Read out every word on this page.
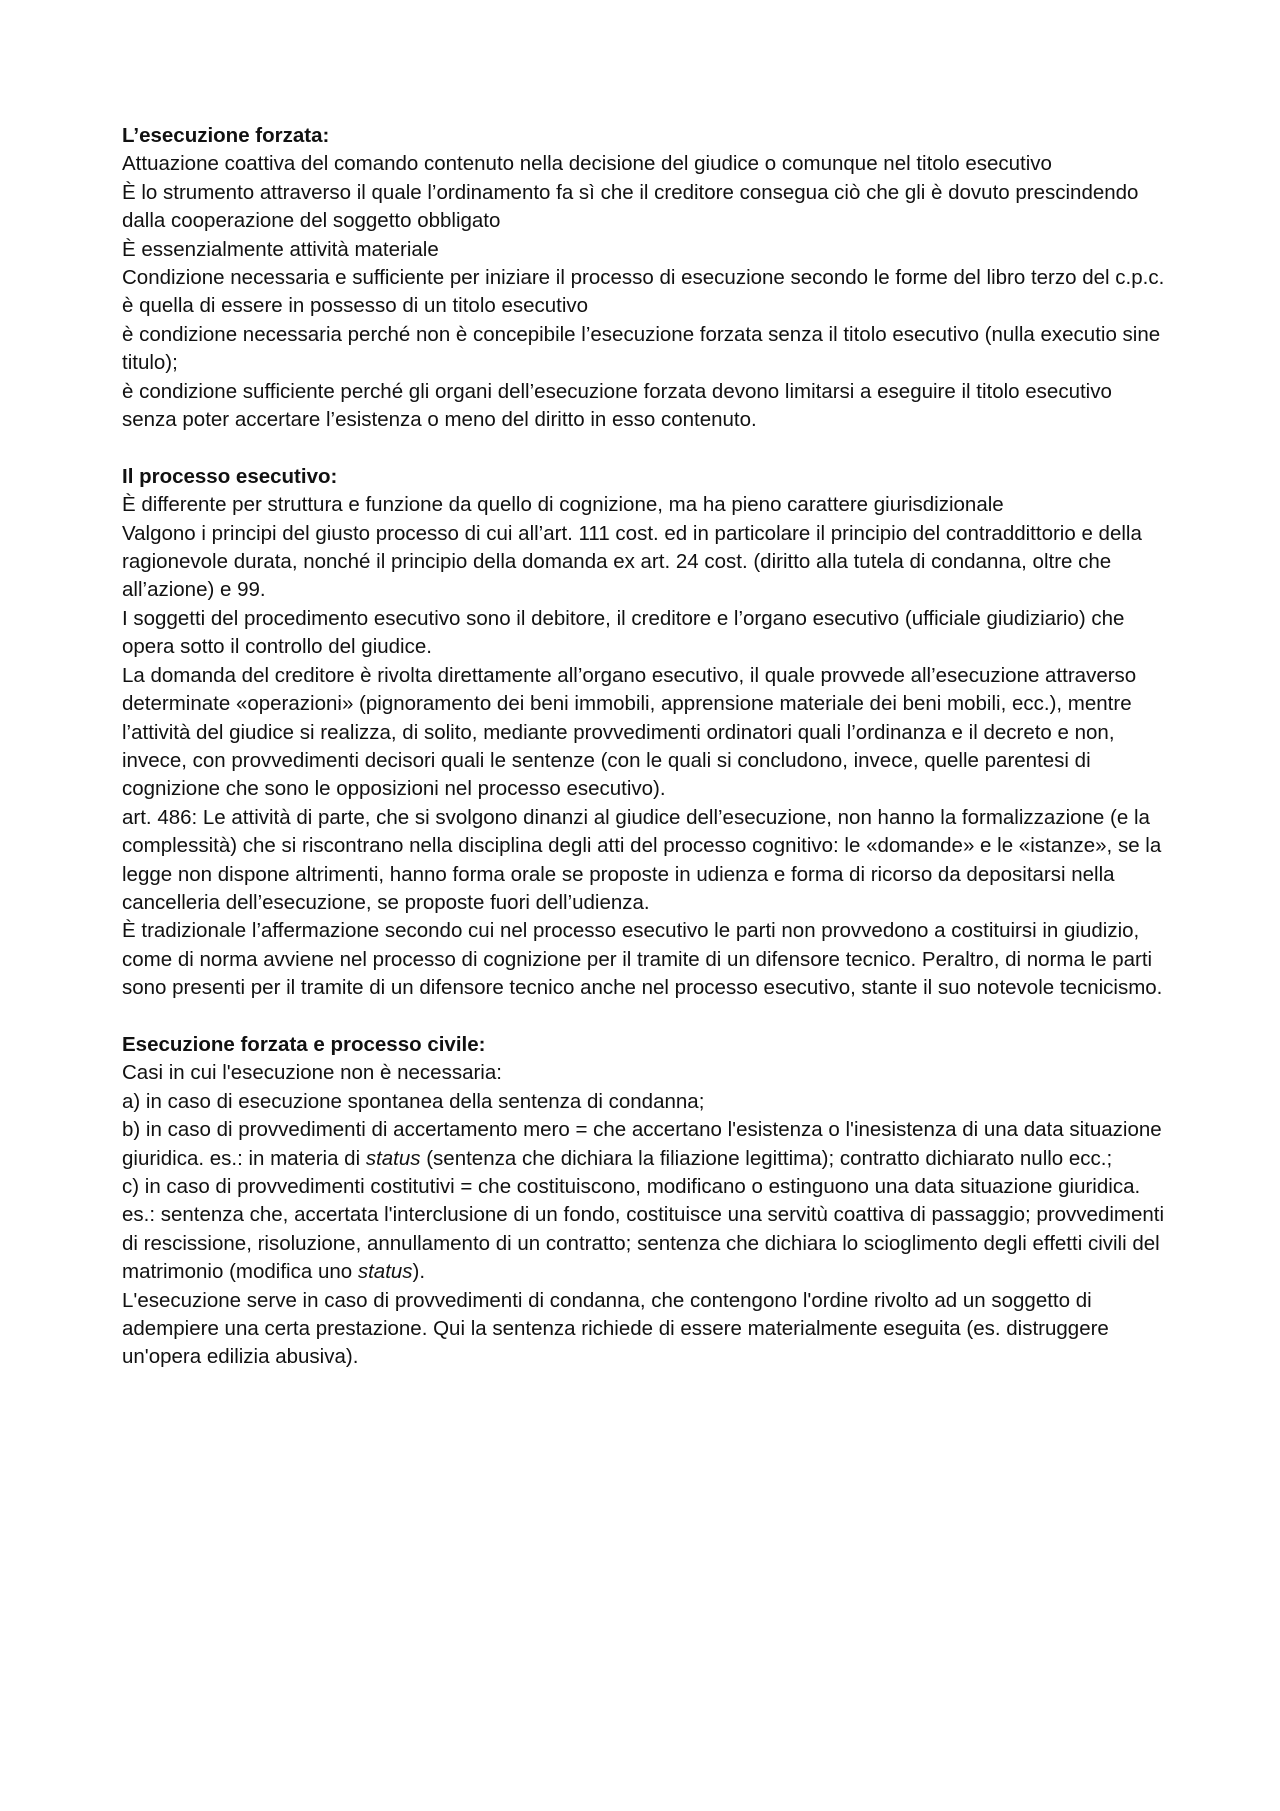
L’esecuzione forzata:
Attuazione coattiva del comando contenuto nella decisione del giudice o comunque nel titolo esecutivo
È lo strumento attraverso il quale l’ordinamento fa sì che il creditore consegua ciò che gli è dovuto prescindendo dalla cooperazione del soggetto obbligato
È essenzialmente attività materiale
Condizione necessaria e sufficiente per iniziare il processo di esecuzione secondo le forme del libro terzo del c.p.c. è quella di essere in possesso di un titolo esecutivo
è condizione necessaria perché non è concepibile l’esecuzione forzata senza il titolo esecutivo (nulla executio sine titulo);
è condizione sufficiente perché gli organi dell’esecuzione forzata devono limitarsi a eseguire il titolo esecutivo senza poter accertare l’esistenza o meno del diritto in esso contenuto.
Il processo esecutivo:
È differente per struttura e funzione da quello di cognizione, ma ha pieno carattere giurisdizionale
Valgono i principi del giusto processo di cui all’art. 111 cost. ed in particolare il principio del contraddittorio e della ragionevole durata, nonché il principio della domanda ex art. 24 cost. (diritto alla tutela di condanna, oltre che all’azione) e 99.
I soggetti del procedimento esecutivo sono il debitore, il creditore e l’organo esecutivo (ufficiale giudiziario) che opera sotto il controllo del giudice.
La domanda del creditore è rivolta direttamente all’organo esecutivo, il quale provvede all’esecuzione attraverso determinate «operazioni» (pignoramento dei beni immobili, apprensione materiale dei beni mobili, ecc.), mentre l’attività del giudice si realizza, di solito, mediante provvedimenti ordinatori quali l’ordinanza e il decreto e non, invece, con provvedimenti decisori quali le sentenze (con le quali si concludono, invece, quelle parentesi di cognizione che sono le opposizioni nel processo esecutivo).
art. 486: Le attività di parte, che si svolgono dinanzi al giudice dell’esecuzione, non hanno la formalizzazione (e la complessità) che si riscontrano nella disciplina degli atti del processo cognitivo: le «domande» e le «istanze», se la legge non dispone altrimenti, hanno forma orale se proposte in udienza e forma di ricorso da depositarsi nella cancelleria dell’esecuzione, se proposte fuori dell’udienza.
È tradizionale l’affermazione secondo cui nel processo esecutivo le parti non provvedono a costituirsi in giudizio, come di norma avviene nel processo di cognizione per il tramite di un difensore tecnico. Peraltro, di norma le parti sono presenti per il tramite di un difensore tecnico anche nel processo esecutivo, stante il suo notevole tecnicismo.
Esecuzione forzata e processo civile:
Casi in cui l'esecuzione non è necessaria:
a) in caso di esecuzione spontanea della sentenza di condanna;
b) in caso di provvedimenti di accertamento mero = che accertano l'esistenza o l'inesistenza di una data situazione giuridica. es.: in materia di status (sentenza che dichiara la filiazione legittima); contratto dichiarato nullo ecc.;
c) in caso di provvedimenti costitutivi = che costituiscono, modificano o estinguono una data situazione giuridica. es.: sentenza che, accertata l'interclusione di un fondo, costituisce una servitù coattiva di passaggio; provvedimenti di rescissione, risoluzione, annullamento di un contratto; sentenza che dichiara lo scioglimento degli effetti civili del matrimonio (modifica uno status).
L'esecuzione serve in caso di provvedimenti di condanna, che contengono l'ordine rivolto ad un soggetto di adempiere una certa prestazione. Qui la sentenza richiede di essere materialmente eseguita (es. distruggere un'opera edilizia abusiva).
